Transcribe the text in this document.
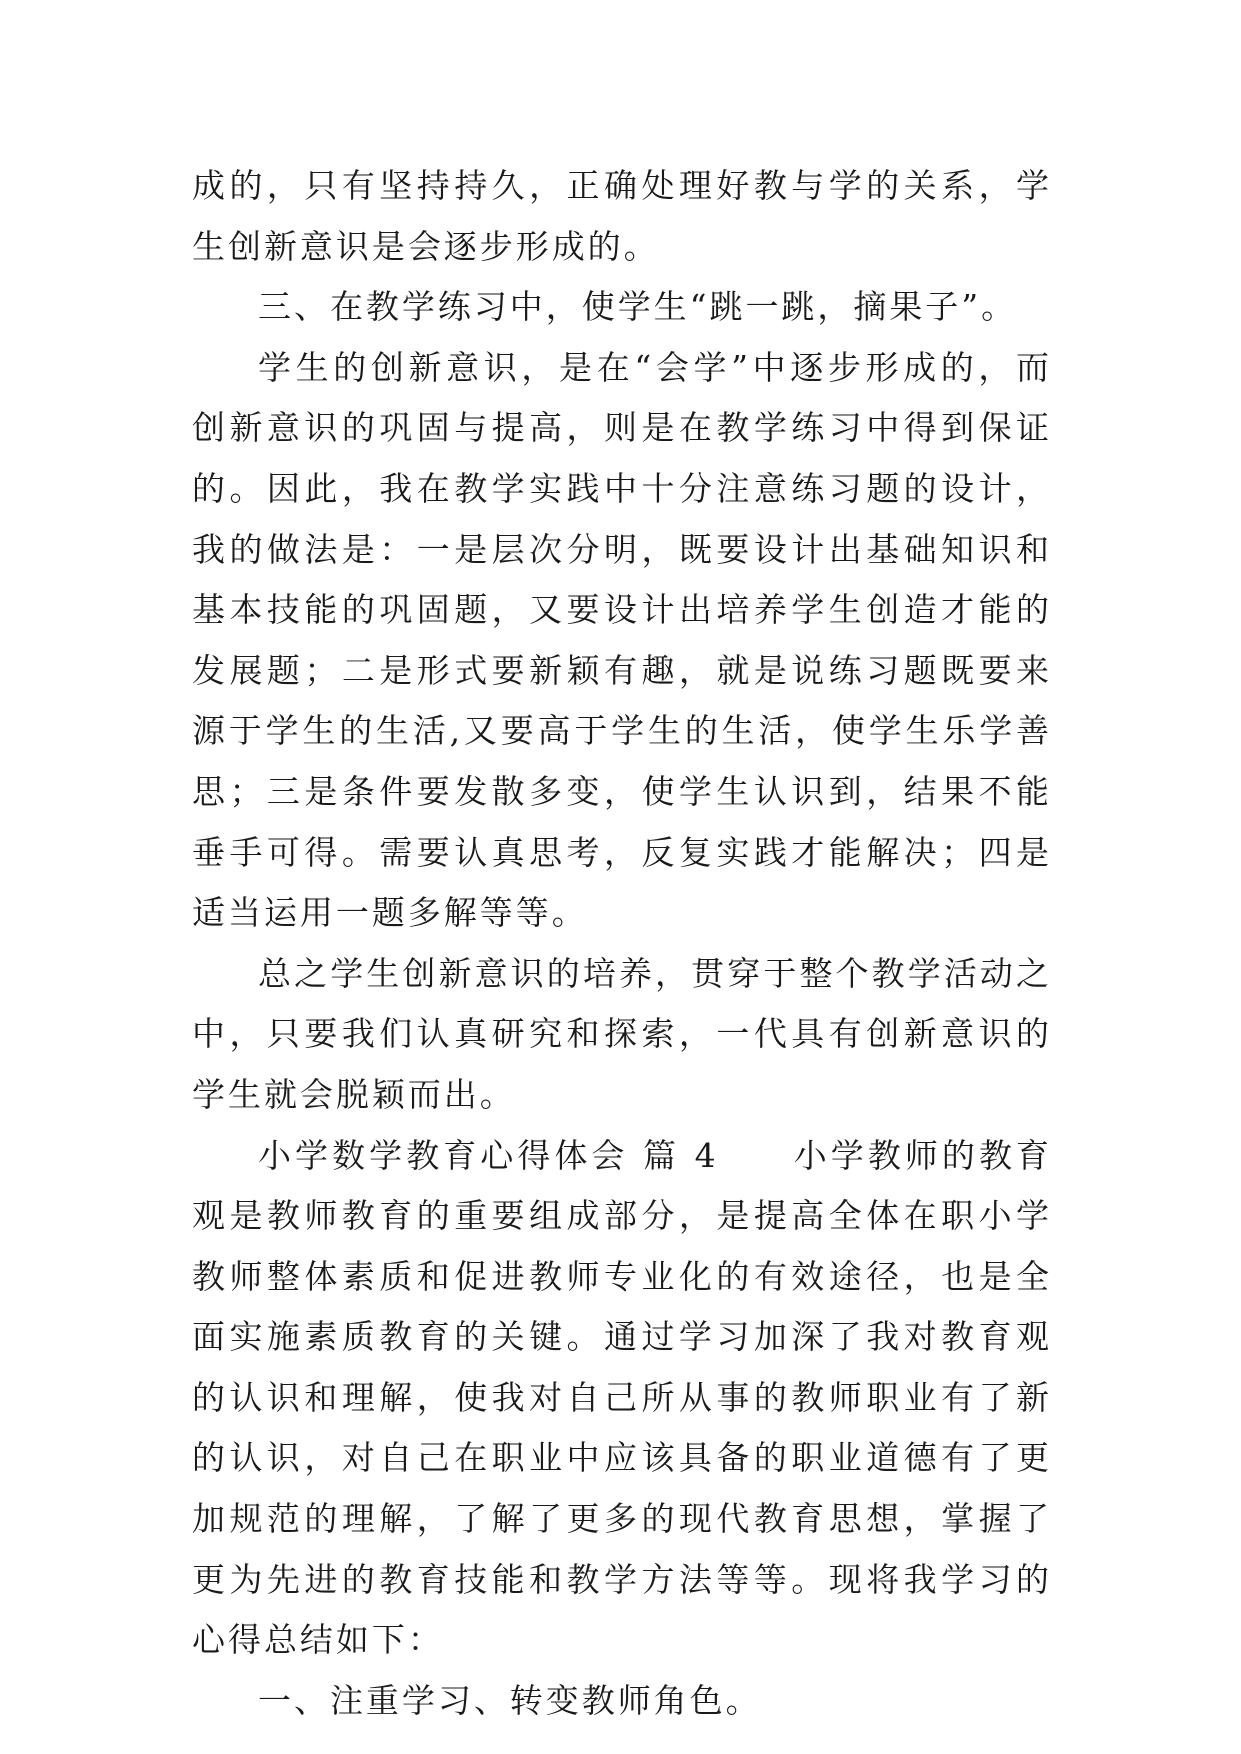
成的，只有坚持持久，正确处理好教与学的关系，学生创新意识是会逐步形成的。

三、在教学练习中，使学生“跳一跳，摘果子”。

学生的创新意识，是在“会学”中逐步形成的，而创新意识的巩固与提高，则是在教学练习中得到保证的。因此，我在教学实践中十分注意练习题的设计，我的做法是：一是层次分明，既要设计出基础知识和基本技能的巩固题，又要设计出培养学生创造才能的发展题；二是形式要新颖有趣，就是说练习题既要来源于学生的生活,又要高于学生的生活，使学生乐学善思；三是条件要发散多变，使学生认识到，结果不能垂手可得。需要认真思考，反复实践才能解决；四是适当运用一题多解等等。

总之学生创新意识的培养，贯穿于整个教学活动之中，只要我们认真研究和探索，一代具有创新意识的学生就会脱颖而出。

小学数学教育心得体会 篇 4　　小学教师的教育观是教师教育的重要组成部分，是提高全体在职小学教师整体素质和促进教师专业化的有效途径，也是全面实施素质教育的关键。通过学习加深了我对教育观的认识和理解，使我对自己所从事的教师职业有了新的认识，对自己在职业中应该具备的职业道德有了更加规范的理解，了解了更多的现代教育思想，掌握了更为先进的教育技能和教学方法等等。现将我学习的心得总结如下：

一、注重学习、转变教师角色。
